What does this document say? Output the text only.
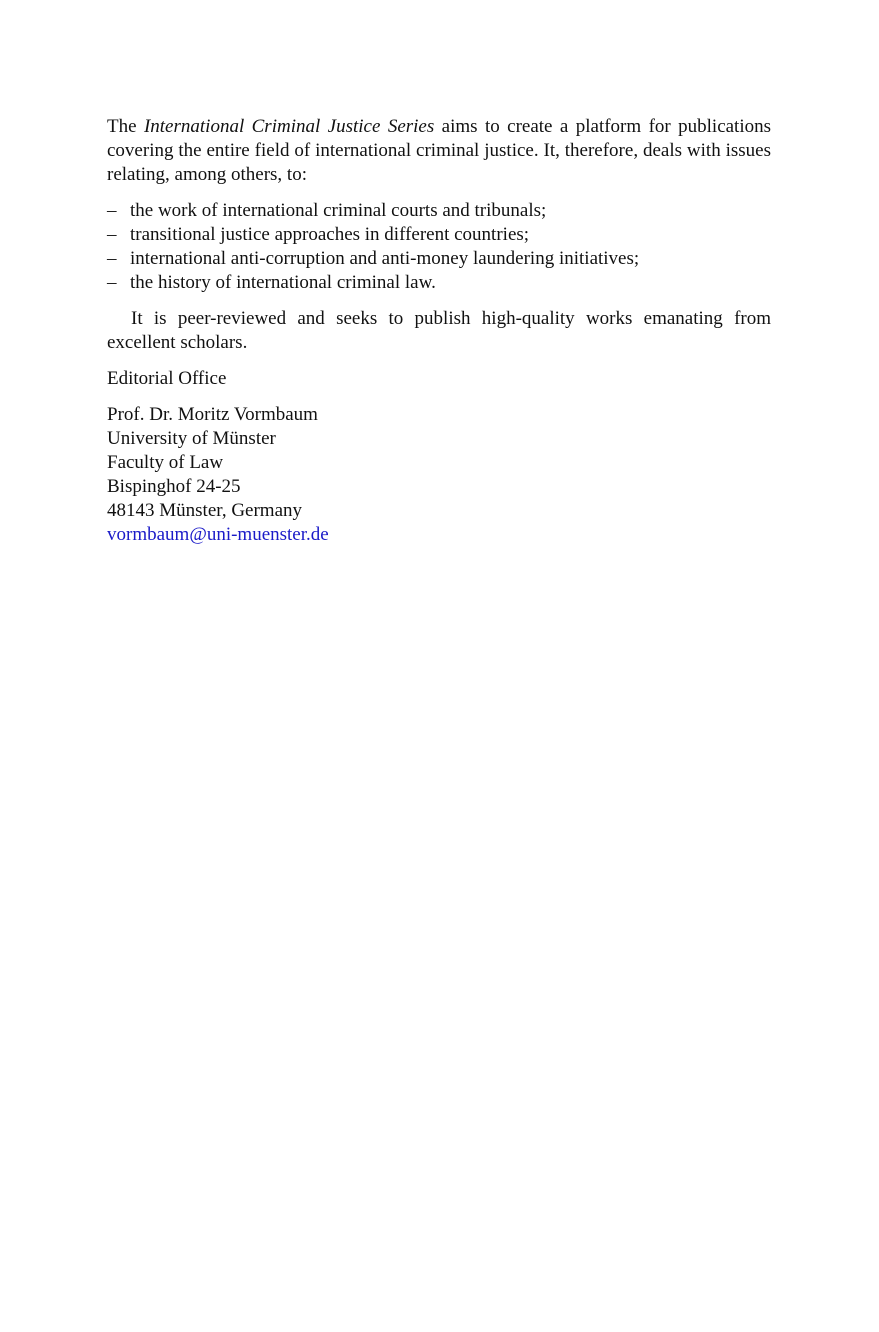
The International Criminal Justice Series aims to create a platform for publications covering the entire field of international criminal justice. It, therefore, deals with issues relating, among others, to:

– the work of international criminal courts and tribunals;
– transitional justice approaches in different countries;
– international anti-corruption and anti-money laundering initiatives;
– the history of international criminal law.

It is peer-reviewed and seeks to publish high-quality works emanating from excellent scholars.

Editorial Office

Prof. Dr. Moritz Vormbaum
University of Münster
Faculty of Law
Bispinghof 24-25
48143 Münster, Germany
vormbaum@uni-muenster.de
